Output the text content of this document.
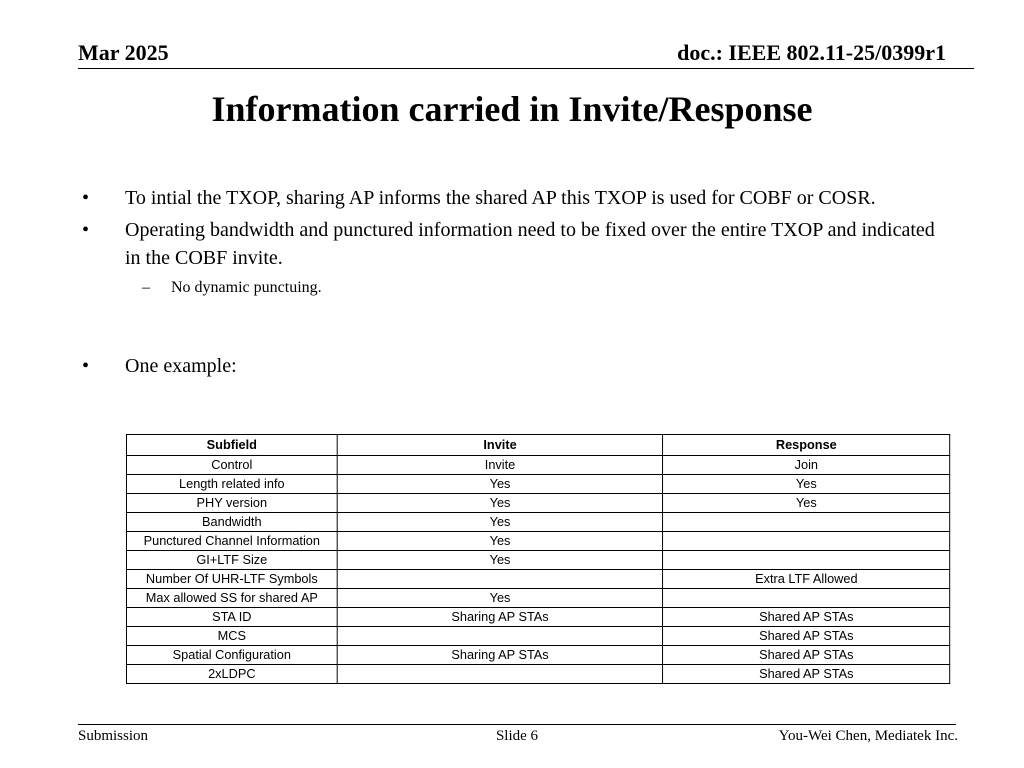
Mar 2025	doc.: IEEE 802.11-25/0399r1
Information carried in Invite/Response
• To intial the TXOP, sharing AP informs the shared AP this TXOP is used for COBF or COSR.
• Operating bandwidth and punctured information need to be fixed over the entire TXOP and indicated in the COBF invite.
– No dynamic punctuing.
• One example:
Subfield	Invite	Response
Control	Invite	Join
Length related info	Yes	Yes
PHY version	Yes	Yes
Bandwidth	Yes	
Punctured Channel Information	Yes	
GI+LTF Size	Yes	
Number Of UHR-LTF Symbols		Extra LTF Allowed
Max allowed SS for shared AP	Yes	
STA ID	Sharing AP STAs	Shared AP STAs
MCS		Shared AP STAs
Spatial Configuration	Sharing AP STAs	Shared AP STAs
2xLDPC		Shared AP STAs
Submission	Slide 6	You-Wei Chen, Mediatek Inc.
